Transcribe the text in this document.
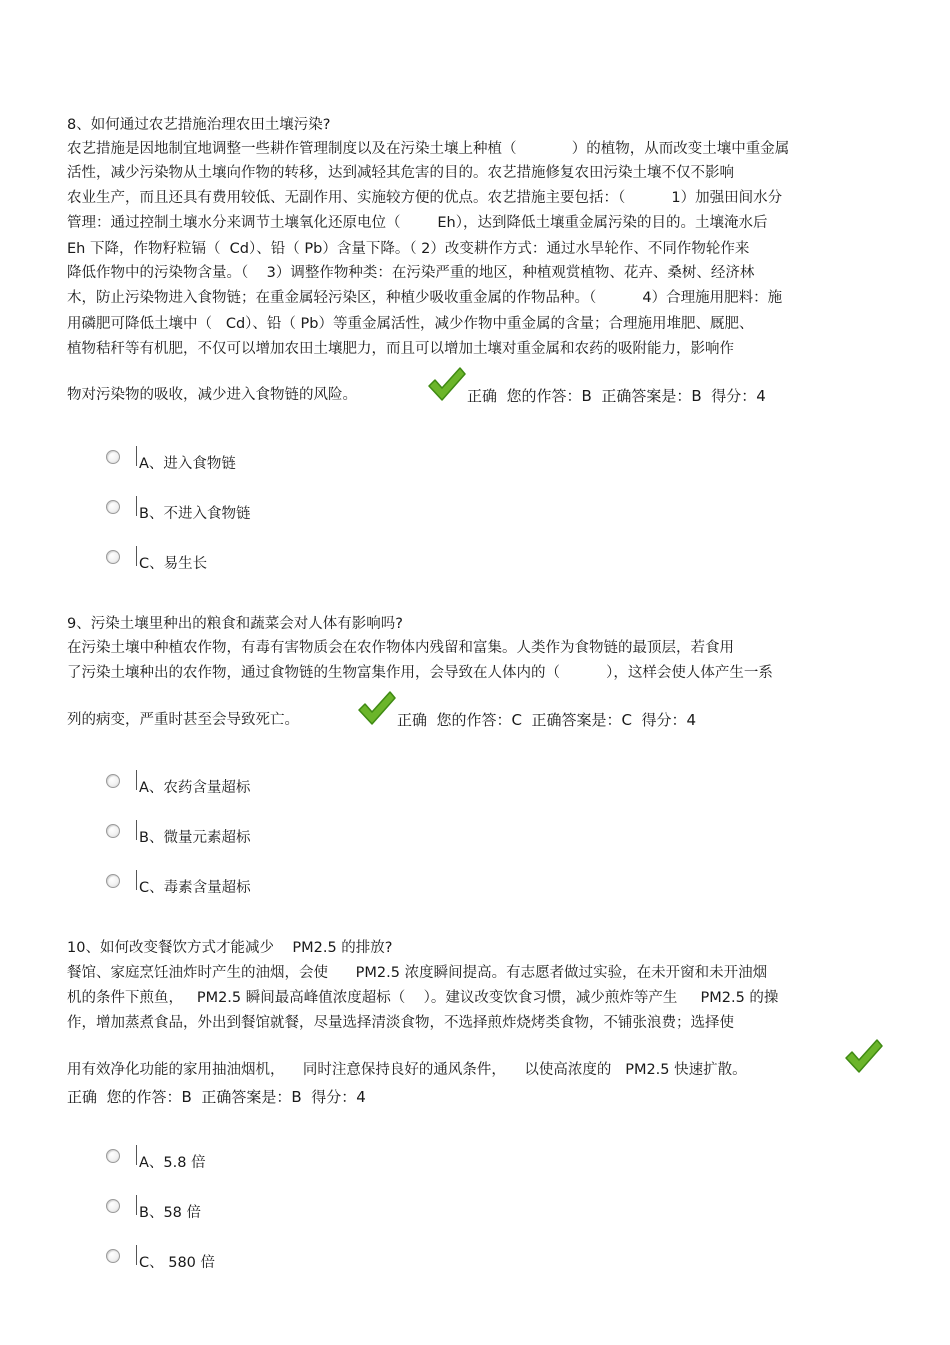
8、如何通过农艺措施治理农田土壤污染?
农艺措施是因地制宜地调整一些耕作管理制度以及在污染土壤上种植（            ）的植物，从而改变土壤中重金属
活性，减少污染物从土壤向作物的转移，达到减轻其危害的目的。农艺措施修复农田污染土壤不仅不影响
农业生产，而且还具有费用较低、无副作用、实施较方便的优点。农艺措施主要包括：（          1）加强田间水分
管理：通过控制土壤水分来调节土壤氧化还原电位（        Eh），达到降低土壤重金属污染的目的。土壤淹水后
Eh 下降，作物籽粒镉（  Cd）、铅（ Pb）含量下降。（ 2）改变耕作方式：通过水旱轮作、不同作物轮作来
降低作物中的污染物含量。（    3）调整作物种类：在污染严重的地区，种植观赏植物、花卉、桑树、经济林
木，防止污染物进入食物链；在重金属轻污染区，种植少吸收重金属的作物品种。（          4）合理施用肥料：施
用磷肥可降低土壤中（   Cd）、铅（ Pb）等重金属活性，减少作物中重金属的含量；合理施用堆肥、厩肥、
植物秸秆等有机肥，不仅可以增加农田土壤肥力，而且可以增加土壤对重金属和农药的吸附能力，影响作
物对污染物的吸收，减少进入食物链的风险。	正确  您的作答：B  正确答案是：B  得分：4
A、进入食物链
B、不进入食物链
C、易生长
9、污染土壤里种出的粮食和蔬菜会对人体有影响吗?
在污染土壤中种植农作物，有毒有害物质会在农作物体内残留和富集。人类作为食物链的最顶层，若食用
了污染土壤种出的农作物，通过食物链的生物富集作用，会导致在人体内的（          ），这样会使人体产生一系
列的病变，严重时甚至会导致死亡。	正确  您的作答：C  正确答案是：C  得分：4
A、农药含量超标
B、微量元素超标
C、毒素含量超标
10、如何改变餐饮方式才能减少    PM2.5 的排放?
餐馆、家庭烹饪油炸时产生的油烟，会使      PM2.5 浓度瞬间提高。有志愿者做过实验，在未开窗和未开油烟
机的条件下煎鱼，   PM2.5 瞬间最高峰值浓度超标（    ）。建议改变饮食习惯，减少煎炸等产生     PM2.5 的操
作，增加蒸煮食品，外出到餐馆就餐，尽量选择清淡食物，不选择煎炸烧烤类食物，不铺张浪费；选择使
用有效净化功能的家用抽油烟机，    同时注意保持良好的通风条件，    以使高浓度的   PM2.5 快速扩散。
正确  您的作答：B  正确答案是：B  得分：4
A、5.8 倍
B、58 倍
C、 580 倍
